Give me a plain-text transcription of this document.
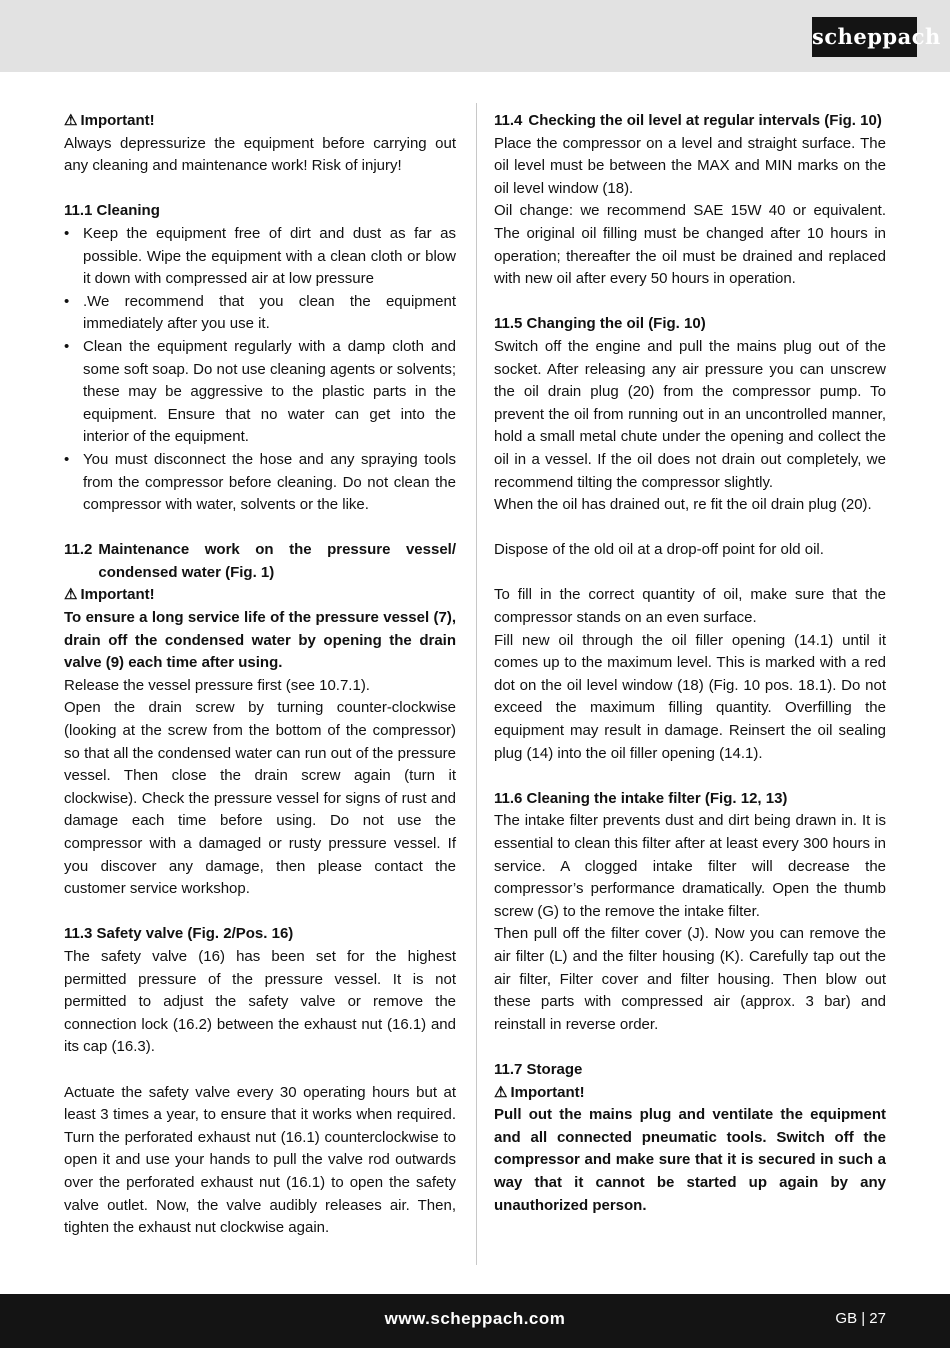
scheppach

⚠ Important!

Always depressurize the equipment before carrying out any cleaning and maintenance work! Risk of injury!

11.1 Cleaning

• Keep the equipment free of dirt and dust as far as possible. Wipe the equipment with a clean cloth or blow it down with compressed air at low pressure
• .We recommend that you clean the equipment immediately after you use it.
• Clean the equipment regularly with a damp cloth and some soft soap. Do not use cleaning agents or solvents; these may be aggressive to the plastic parts in the equipment. Ensure that no water can get into the interior of the equipment.
• You must disconnect the hose and any spraying tools from the compressor before cleaning. Do not clean the compressor with water, solvents or the like.
11.2 Maintenance work on the pressure vessel/ condensed water (Fig. 1)

⚠ Important!

To ensure a long service life of the pressure vessel (7), drain off the condensed water by opening the drain valve (9) each time after using.

Release the vessel pressure first (see 10.7.1).

Open the drain screw by turning counter-clockwise (looking at the screw from the bottom of the compressor) so that all the condensed water can run out of the pressure vessel. Then close the drain screw again (turn it clockwise). Check the pressure vessel for signs of rust and damage each time before using. Do not use the compressor with a damaged or rusty pressure vessel. If you discover any damage, then please contact the customer service workshop.

11.3 Safety valve (Fig. 2/Pos. 16)

The safety valve (16) has been set for the highest permitted pressure of the pressure vessel. It is not permitted to adjust the safety valve or remove the connection lock (16.2) between the exhaust nut (16.1) and its cap (16.3).

Actuate the safety valve every 30 operating hours but at least 3 times a year, to ensure that it works when required. Turn the perforated exhaust nut (16.1) counterclockwise to open it and use your hands to pull the valve rod outwards over the perforated exhaust nut (16.1) to open the safety valve outlet. Now, the valve audibly releases air. Then, tighten the exhaust nut clockwise again.

11.4 Checking the oil level at regular intervals (Fig. 10)

Place the compressor on a level and straight surface. The oil level must be between the MAX and MIN marks on the oil level window (18).

Oil change: we recommend SAE 15W 40 or equivalent. The original oil filling must be changed after 10 hours in operation; thereafter the oil must be drained and replaced with new oil after every 50 hours in operation.

11.5 Changing the oil (Fig. 10)

Switch off the engine and pull the mains plug out of the socket. After releasing any air pressure you can unscrew the oil drain plug (20) from the compressor pump. To prevent the oil from running out in an uncontrolled manner, hold a small metal chute under the opening and collect the oil in a vessel. If the oil does not drain out completely, we recommend tilting the compressor slightly.

When the oil has drained out, re fit the oil drain plug (20).

Dispose of the old oil at a drop-off point for old oil.

To fill in the correct quantity of oil, make sure that the compressor stands on an even surface.

Fill new oil through the oil filler opening (14.1) until it comes up to the maximum level. This is marked with a red dot on the oil level window (18) (Fig. 10 pos. 18.1). Do not exceed the maximum filling quantity. Overfilling the equipment may result in damage. Reinsert the oil sealing plug (14) into the oil filler opening (14.1).

11.6 Cleaning the intake filter (Fig. 12, 13)

The intake filter prevents dust and dirt being drawn in. It is essential to clean this filter after at least every 300 hours in service. A clogged intake filter will decrease the compressor’s performance dramatically. Open the thumb screw (G) to the remove the intake filter.

Then pull off the filter cover (J). Now you can remove the air filter (L) and the filter housing (K). Carefully tap out the air filter, Filter cover and filter housing. Then blow out these parts with compressed air (approx. 3 bar) and reinstall in reverse order.

11.7 Storage

⚠ Important!

Pull out the mains plug and ventilate the equipment and all connected pneumatic tools. Switch off the compressor and make sure that it is secured in such a way that it cannot be started up again by any unauthorized person.

www.scheppach.com	GB | 27
